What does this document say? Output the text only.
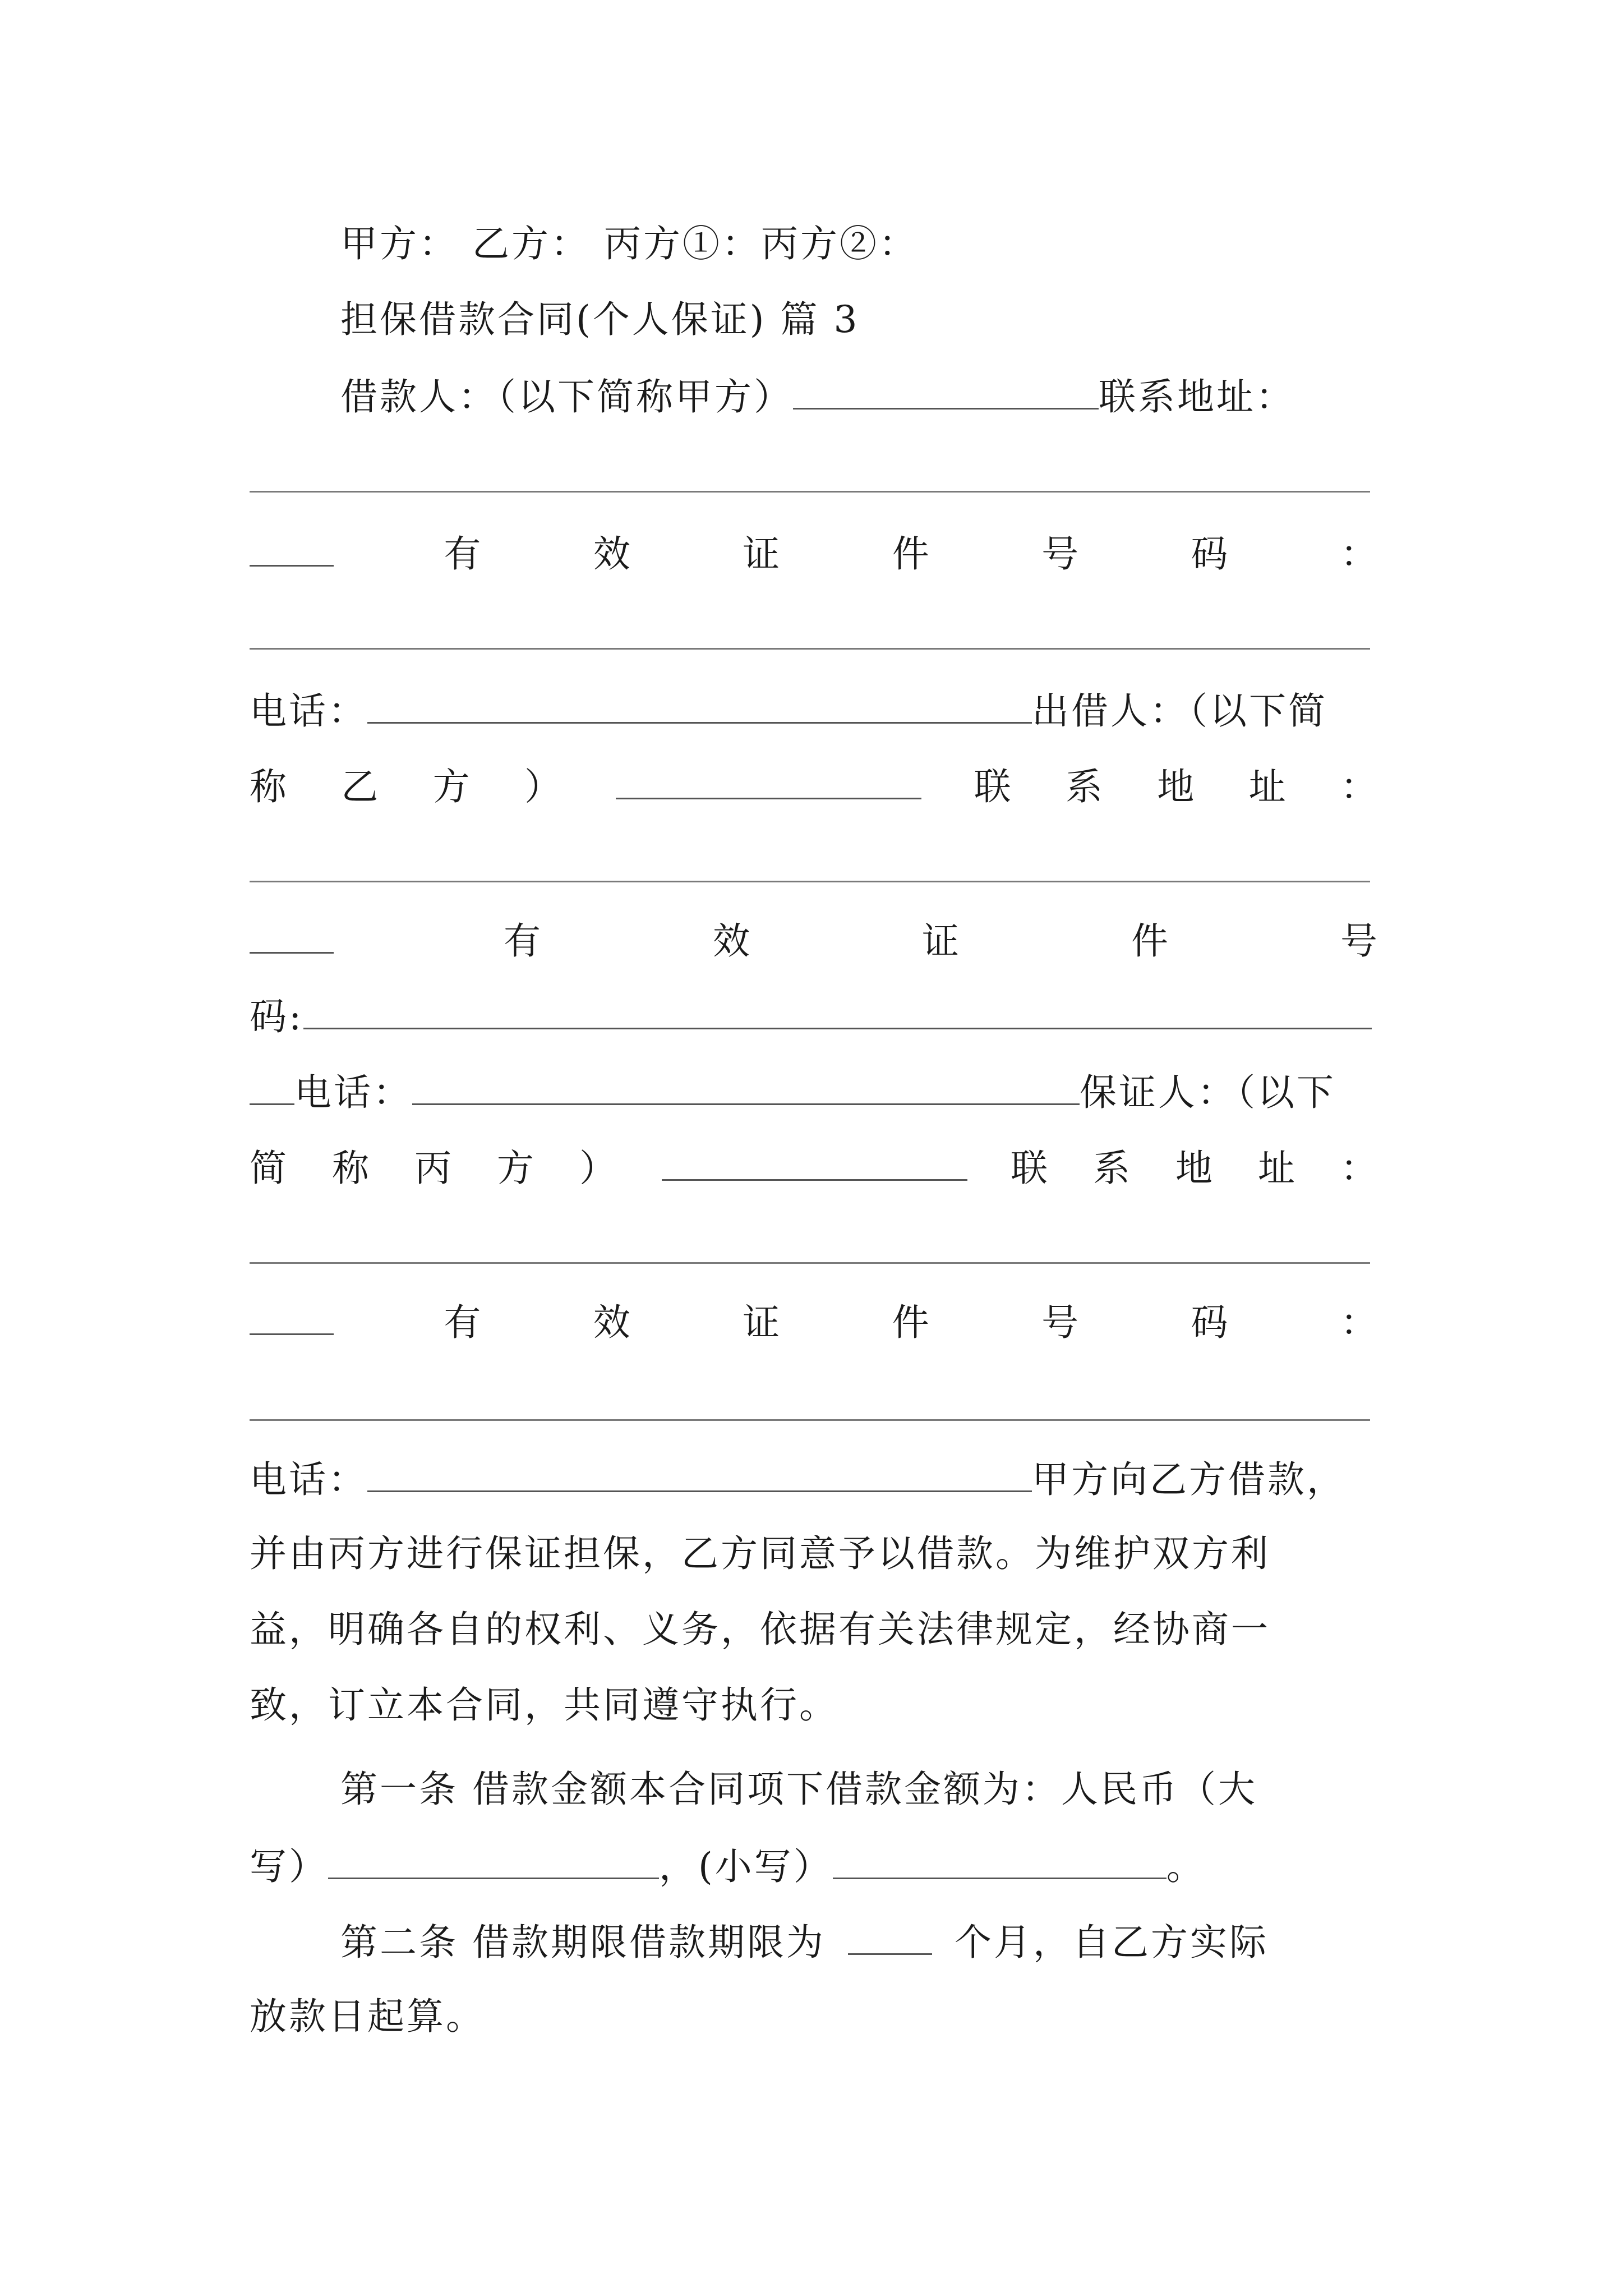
甲方： 乙方： 丙方①：丙方②：
担保借款合同(个人保证) 篇 3
借款人：（以下简称甲方）	联系地址：
有	效	证	件	号	码	：
电话：	出借人：（以下简
称 乙 方 ）	联 系 地 址 ：
有	效	证	件	号
码:
电话：	保证人：（以下
简 称 丙 方 ）	联 系 地 址 ：
有	效	证	件	号	码	：
电话：	甲方向乙方借款，
并由丙方进行保证担保，乙方同意予以借款。为维护双方利
益，明确各自的权利、义务，依据有关法律规定，经协商一
致，订立本合同，共同遵守执行。
第一条 借款金额本合同项下借款金额为：人民币（大
写）	，(小写）	。
第二条 借款期限借款期限为	个月，自乙方实际
放款日起算。
